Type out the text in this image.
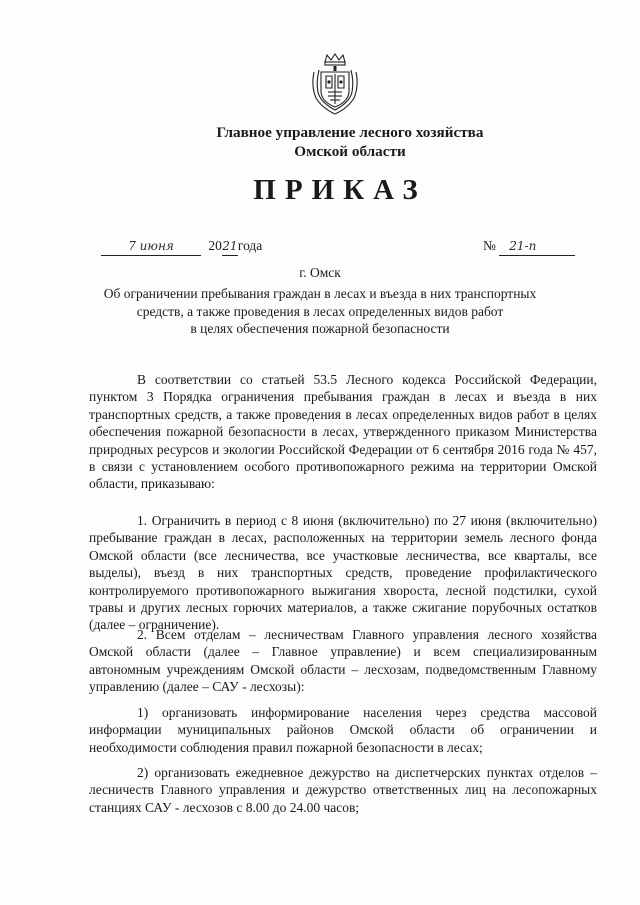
Главное управление лесного хозяйства
Омской области
ПРИКАЗ
7 июня	2021года	№ 21-п
г. Омск
Об ограничении пребывания граждан в лесах и въезда в них транспортных
средств, а также проведения в лесах определенных видов работ
в целях обеспечения пожарной безопасности
В соответствии со статьей 53.5 Лесного кодекса Российской Федерации, пунктом 3 Порядка ограничения пребывания граждан в лесах и въезда в них транспортных средств, а также проведения в лесах определенных видов работ в целях обеспечения пожарной безопасности в лесах, утвержденного приказом Министерства природных ресурсов и экологии Российской Федерации от 6 сентября 2016 года № 457, в связи с установлением особого противопожарного режима на территории Омской области, приказываю:
1. Ограничить в период с 8 июня (включительно) по 27 июня (включительно) пребывание граждан в лесах, расположенных на территории земель лесного фонда Омской области (все лесничества, все участковые лесничества, все кварталы, все выделы), въезд в них транспортных средств, проведение профилактического контролируемого противопожарного выжигания хвороста, лесной подстилки, сухой травы и других лесных горючих материалов, а также сжигание порубочных остатков (далее – ограничение).
2. Всем отделам – лесничествам Главного управления лесного хозяйства Омской области (далее – Главное управление) и всем специализированным автономным учреждениям Омской области – лесхозам, подведомственным Главному управлению (далее – САУ - лесхозы):
1) организовать информирование населения через средства массовой информации муниципальных районов Омской области об ограничении и необходимости соблюдения правил пожарной безопасности в лесах;
2) организовать ежедневное дежурство на диспетчерских пунктах отделов – лесничеств Главного управления и дежурство ответственных лиц на лесопожарных станциях САУ - лесхозов с 8.00 до 24.00 часов;
